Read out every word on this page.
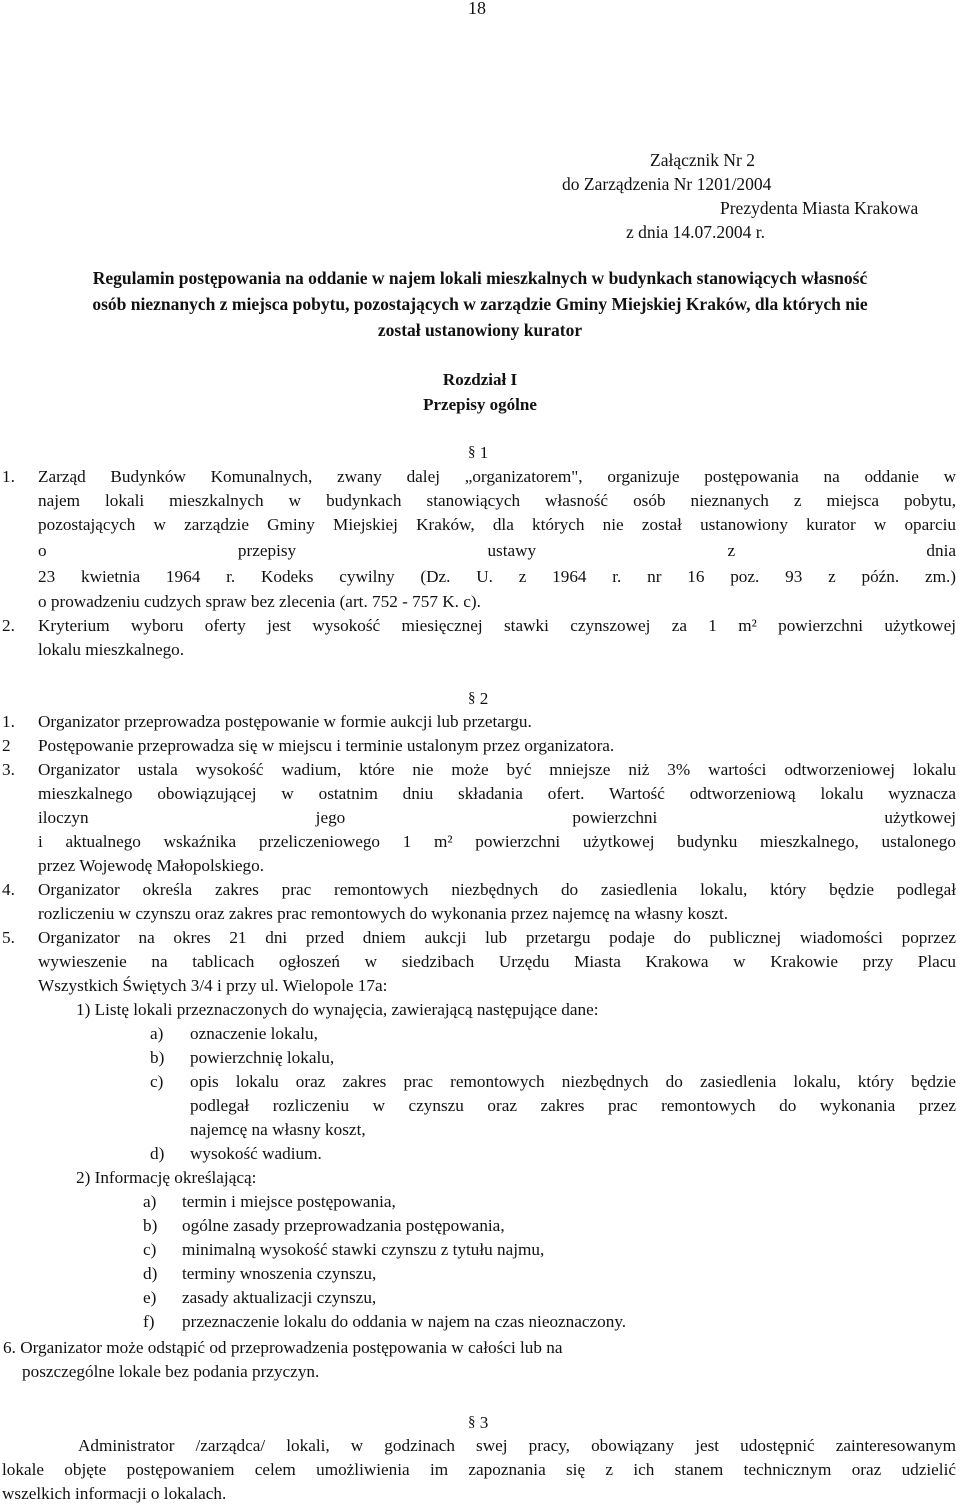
18
Załącznik Nr 2
do Zarządzenia Nr 1201/2004
Prezydenta Miasta Krakowa
z dnia 14.07.2004 r.
Regulamin postępowania na oddanie w najem lokali mieszkalnych w budynkach stanowiących własność
osób nieznanych z miejsca pobytu, pozostających w zarządzie Gminy Miejskiej Kraków, dla których nie
został ustanowiony kurator
Rozdział I
Przepisy ogólne
§ 1
1. Zarząd Budynków Komunalnych, zwany dalej „organizatorem", organizuje postępowania na oddanie w
najem lokali mieszkalnych w budynkach stanowiących własność osób nieznanych z miejsca pobytu,
pozostających w zarządzie Gminy Miejskiej Kraków, dla których nie został ustanowiony kurator w oparciu
o przepisy ustawy z dnia
23 kwietnia 1964 r. Kodeks cywilny (Dz. U. z 1964 r. nr 16 poz. 93 z późn. zm.)
o prowadzeniu cudzych spraw bez zlecenia (art. 752 - 757 K. c).
2. Kryterium wyboru oferty jest wysokość miesięcznej stawki czynszowej za 1 m² powierzchni użytkowej
lokalu mieszkalnego.
§ 2
1. Organizator przeprowadza postępowanie w formie aukcji lub przetargu.
2 Postępowanie przeprowadza się w miejscu i terminie ustalonym przez organizatora.
3. Organizator ustala wysokość wadium, które nie może być mniejsze niż 3% wartości odtworzeniowej lokalu
mieszkalnego obowiązującej w ostatnim dniu składania ofert. Wartość odtworzeniową lokalu wyznacza
iloczyn jego powierzchni użytkowej
i aktualnego wskaźnika przeliczeniowego 1 m² powierzchni użytkowej budynku mieszkalnego, ustalonego
przez Wojewodę Małopolskiego.
4. Organizator określa zakres prac remontowych niezbędnych do zasiedlenia lokalu, który będzie podlegał
rozliczeniu w czynszu oraz zakres prac remontowych do wykonania przez najemcę na własny koszt.
5. Organizator na okres 21 dni przed dniem aukcji lub przetargu podaje do publicznej wiadomości poprzez
wywieszenie na tablicach ogłoszeń w siedzibach Urzędu Miasta Krakowa w Krakowie przy Placu
Wszystkich Świętych 3/4 i przy ul. Wielopole 17a:
1) Listę lokali przeznaczonych do wynajęcia, zawierającą następujące dane:
a) oznaczenie lokalu,
b) powierzchnię lokalu,
c) opis lokalu oraz zakres prac remontowych niezbędnych do zasiedlenia lokalu, który będzie
podlegał rozliczeniu w czynszu oraz zakres prac remontowych do wykonania przez
najemcę na własny koszt,
d) wysokość wadium.
2) Informację określającą:
a) termin i miejsce postępowania,
b) ogólne zasady przeprowadzania postępowania,
c) minimalną wysokość stawki czynszu z tytułu najmu,
d) terminy wnoszenia czynszu,
e) zasady aktualizacji czynszu,
f) przeznaczenie lokalu do oddania w najem na czas nieoznaczony.
6. Organizator może odstąpić od przeprowadzenia postępowania w całości lub na
poszczególne lokale bez podania przyczyn.
§ 3
Administrator /zarządca/ lokali, w godzinach swej pracy, obowiązany jest udostępnić zainteresowanym
lokale objęte postępowaniem celem umożliwienia im zapoznania się z ich stanem technicznym oraz udzielić
wszelkich informacji o lokalach.
